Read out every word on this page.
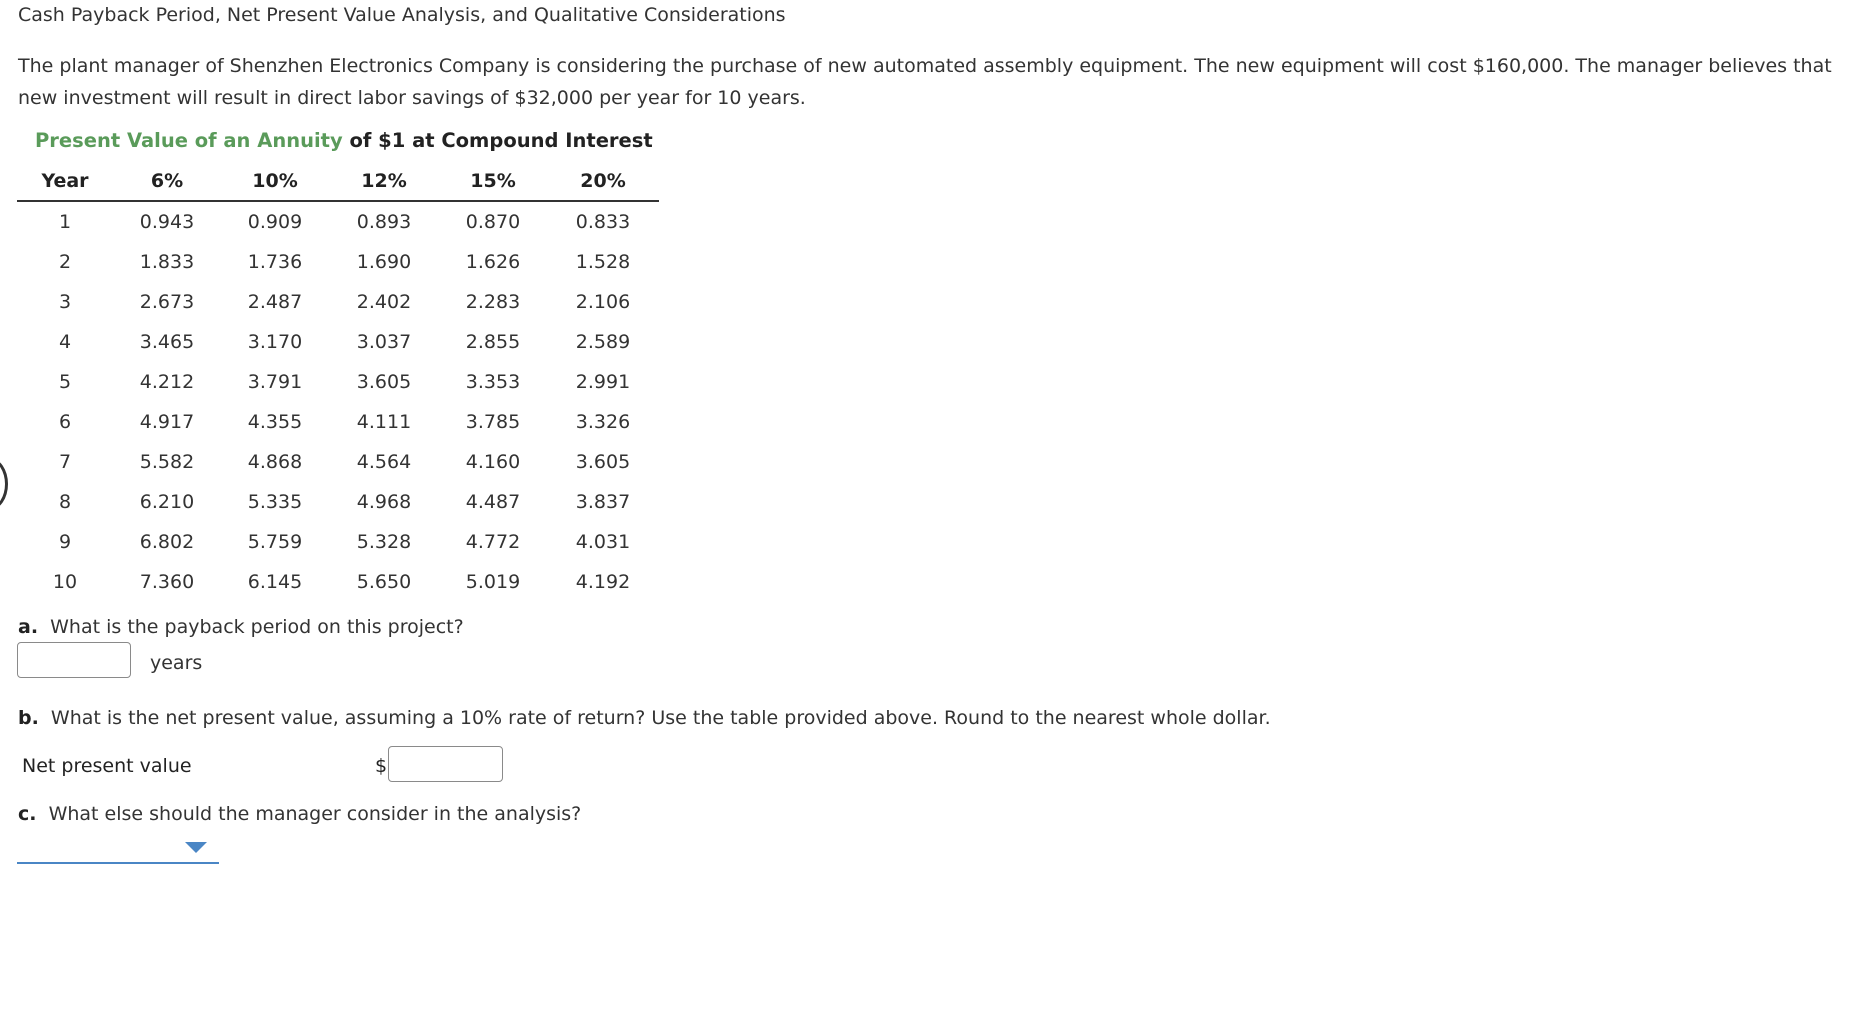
Cash Payback Period, Net Present Value Analysis, and Qualitative Considerations

The plant manager of Shenzhen Electronics Company is considering the purchase of new automated assembly equipment. The new equipment will cost $160,000. The manager believes that

new investment will result in direct labor savings of $32,000 per year for 10 years.

Present Value of an Annuity of $1 at Compound Interest
Year	6%	10%	12%	15%	20%
1	0.943	0.909	0.893	0.870	0.833
2	1.833	1.736	1.690	1.626	1.528
3	2.673	2.487	2.402	2.283	2.106
4	3.465	3.170	3.037	2.855	2.589
5	4.212	3.791	3.605	3.353	2.991
6	4.917	4.355	4.111	3.785	3.326
7	5.582	4.868	4.564	4.160	3.605
8	6.210	5.335	4.968	4.487	3.837
9	6.802	5.759	5.328	4.772	4.031
10	7.360	6.145	5.650	5.019	4.192
a. What is the payback period on this project?
years
b. What is the net present value, assuming a 10% rate of return? Use the table provided above. Round to the nearest whole dollar.
Net present value	$
c. What else should the manager consider in the analysis?
